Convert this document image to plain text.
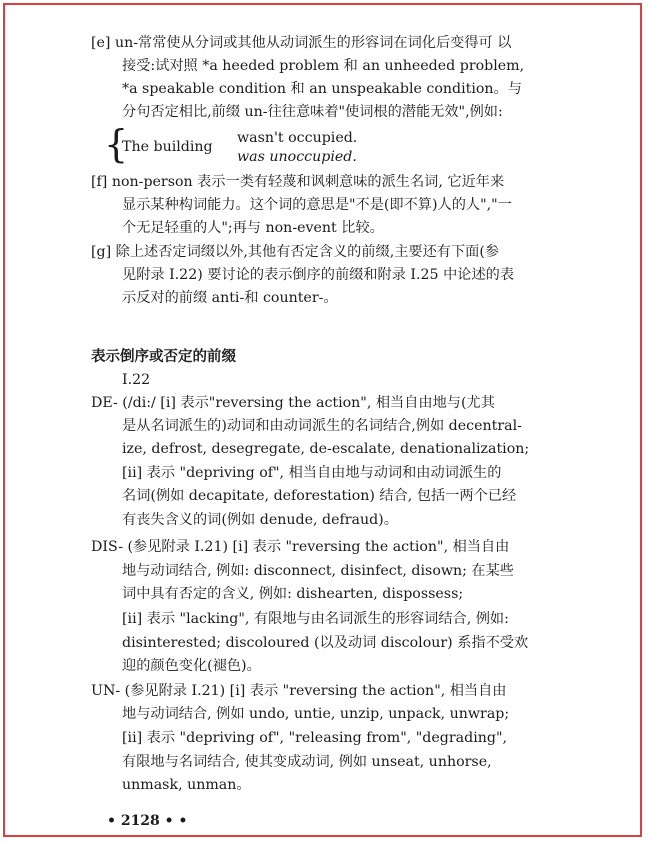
[e] un-常常使从分词或其他从动词派生的形容词在词化后变得可 以
接受:试对照 *a heeded problem 和 an unheeded problem,
*a speakable condition 和 an unspeakable condition。与
分句否定相比,前缀 un-往往意味着"使词根的潜能无效",例如:
The building
{	wasn't occupied.
was unoccupied.
[f] non-person 表示一类有轻蔑和讽刺意味的派生名词, 它近年来
显示某种构词能力。这个词的意思是"不是(即不算)人的人","一
个无足轻重的人";再与 non-event 比较。
[g] 除上述否定词缀以外,其他有否定含义的前缀,主要还有下面(参
见附录 I.22) 要讨论的表示倒序的前缀和附录 I.25 中论述的表
示反对的前缀 anti-和 counter-。
表示倒序或否定的前缀
I.22
DE- (/di:/ [i] 表示"reversing the action", 相当自由地与(尤其
是从名词派生的)动词和由动词派生的名词结合,例如 decentral-
ize, defrost, desegregate, de-escalate, denationalization;
[ii] 表示 "depriving of", 相当自由地与动词和由动词派生的
名词(例如 decapitate, deforestation) 结合, 包括一两个已经
有丧失含义的词(例如 denude, defraud)。
DIS- (参见附录 I.21) [i] 表示 "reversing the action", 相当自由
地与动词结合, 例如: disconnect, disinfect, disown; 在某些
词中具有否定的含义, 例如: dishearten, dispossess;
[ii] 表示 "lacking", 有限地与由名词派生的形容词结合, 例如:
disinterested; discoloured (以及动词 discolour) 系指不受欢
迎的颜色变化(褪色)。
UN- (参见附录 I.21) [i] 表示 "reversing the action", 相当自由
地与动词结合, 例如 undo, untie, unzip, unpack, unwrap;
[ii] 表示 "depriving of", "releasing from", "degrading",
有限地与名词结合, 使其变成动词, 例如 unseat, unhorse,
unmask, unman。
• 2128 • •
